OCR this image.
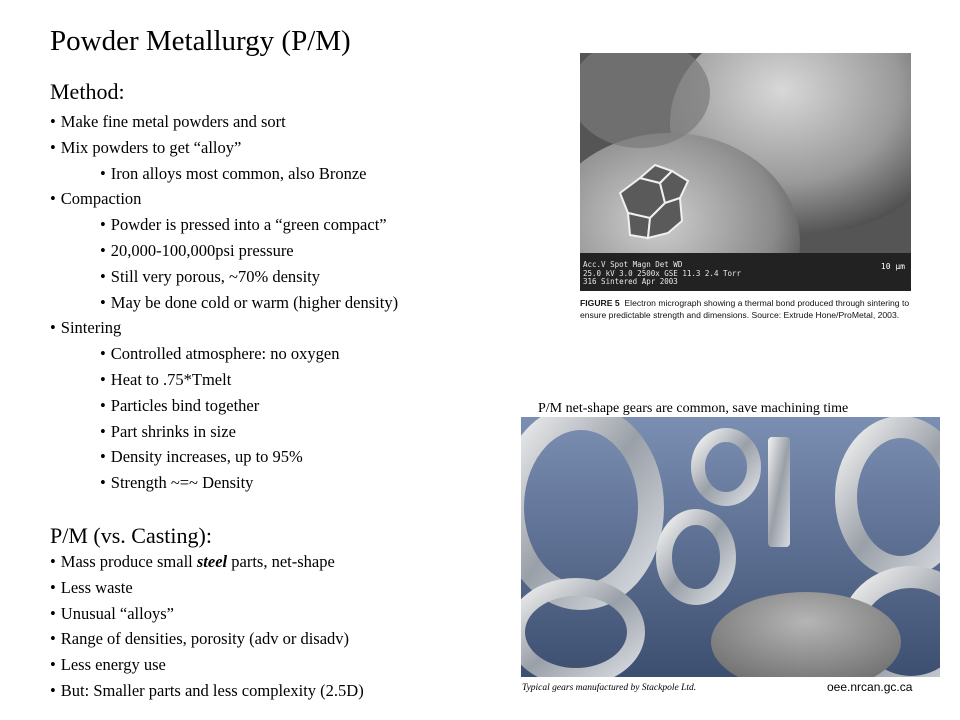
Powder Metallurgy (P/M)
Method:
• Make fine metal powders and sort
• Mix powders to get “alloy”
• Iron alloys most common, also Bronze
• Compaction
• Powder is pressed into a “green compact”
• 20,000-100,000psi pressure
• Still very porous, ~70% density
• May be done cold or warm (higher density)
• Sintering
• Controlled atmosphere: no oxygen
• Heat to .75*Tmelt
• Particles bind together
• Part shrinks in size
• Density increases, up to 95%
• Strength ~=~ Density
P/M (vs. Casting):
• Mass produce small steel parts, net-shape
• Less waste
• Unusual “alloys”
• Range of densities, porosity (adv or disadv)
• Less energy use
• But: Smaller parts and less complexity (2.5D)
Acc.V Spot Magn Det WD
25.0 kV 3.0 2500x GSE 11.3 2.4 Torr
316 Sintered Apr 2003
10 µm
FIGURE 5 Electron micrograph showing a thermal bond produced through sintering to ensure predictable strength and dimensions. Source: Extrude Hone/ProMetal, 2003.
P/M net-shape gears are common, save machining time
Typical gears manufactured by Stackpole Ltd.	oee.nrcan.gc.ca
